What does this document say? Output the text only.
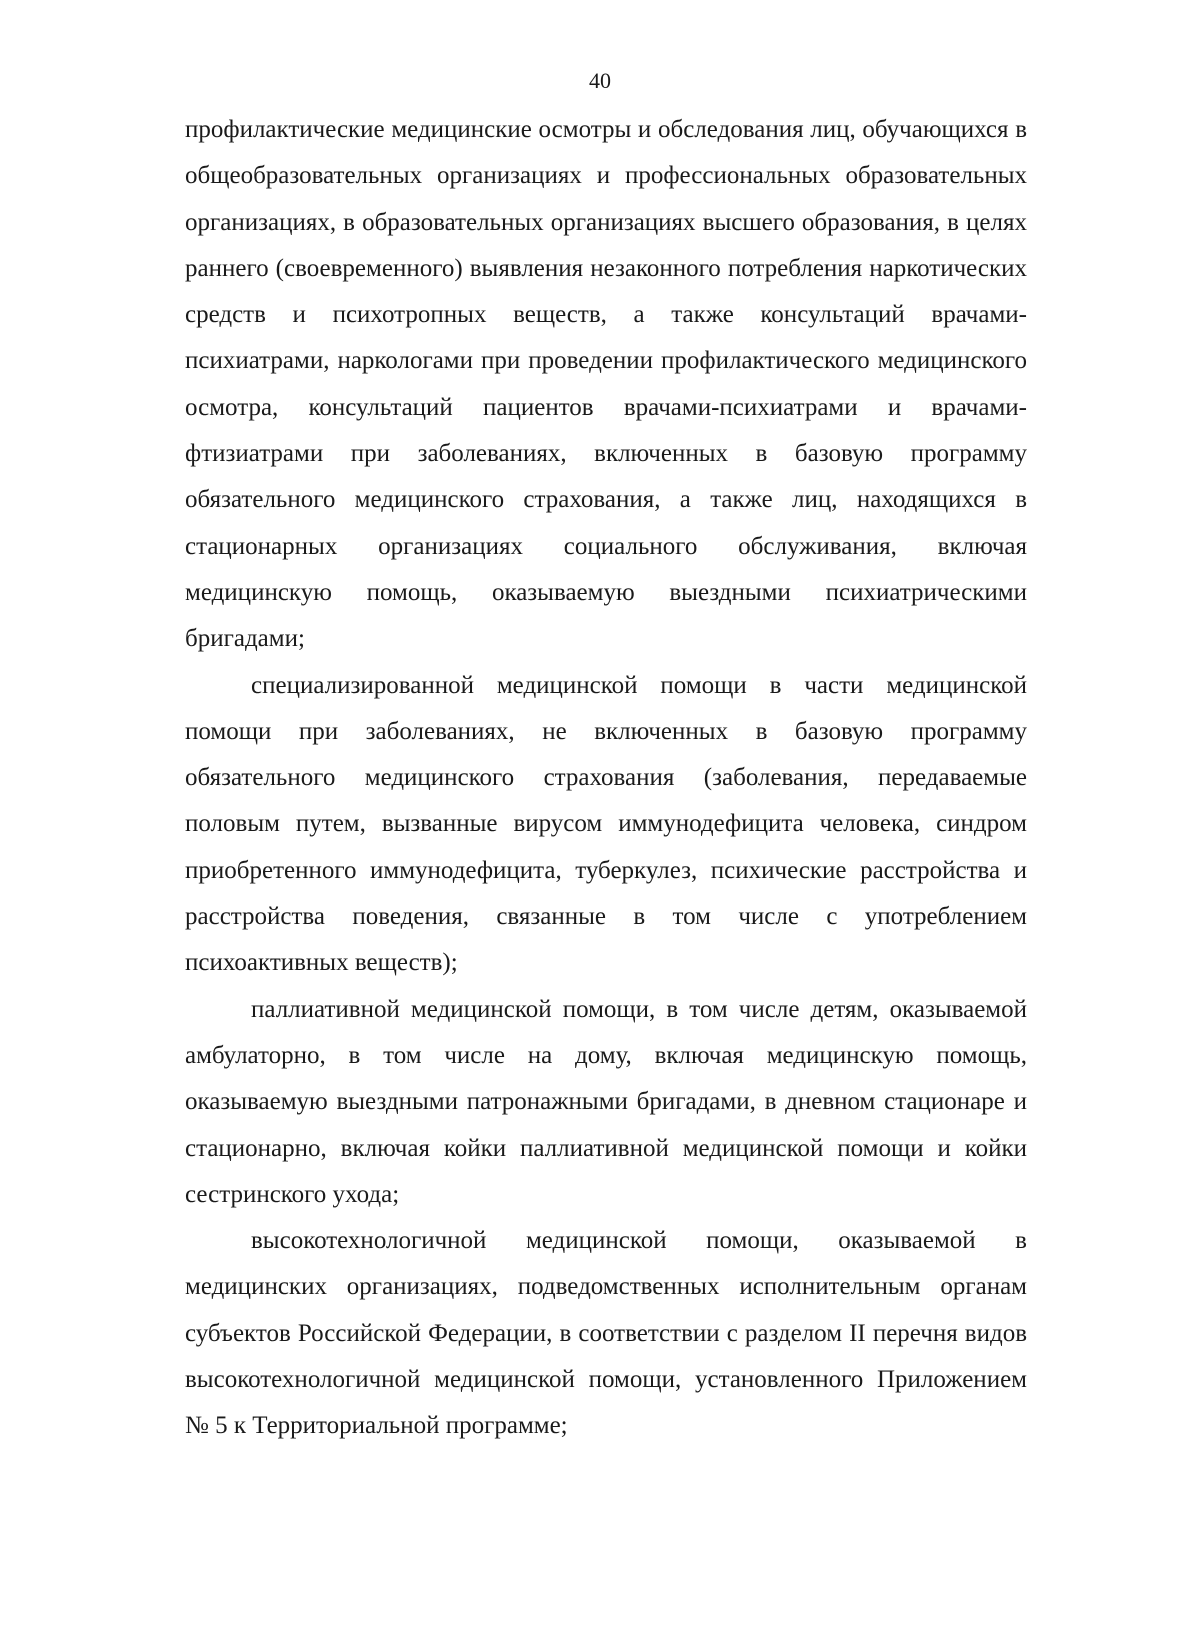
40

профилактические медицинские осмотры и обследования лиц, обучающихся в общеобразовательных организациях и профессиональных образовательных организациях, в образовательных организациях высшего образования, в целях раннего (своевременного) выявления незаконного потребления наркотических средств и психотропных веществ, а также консультаций врачами-психиатрами, наркологами при проведении профилактического медицинского осмотра, консультаций пациентов врачами-психиатрами и врачами-фтизиатрами при заболеваниях, включенных в базовую программу обязательного медицинского страхования, а также лиц, находящихся в стационарных организациях социального обслуживания, включая медицинскую помощь, оказываемую выездными психиатрическими бригадами;

специализированной медицинской помощи в части медицинской помощи при заболеваниях, не включенных в базовую программу обязательного медицинского страхования (заболевания, передаваемые половым путем, вызванные вирусом иммунодефицита человека, синдром приобретенного иммунодефицита, туберкулез, психические расстройства и расстройства поведения, связанные в том числе с употреблением психоактивных веществ);

паллиативной медицинской помощи, в том числе детям, оказываемой амбулаторно, в том числе на дому, включая медицинскую помощь, оказываемую выездными патронажными бригадами, в дневном стационаре и стационарно, включая койки паллиативной медицинской помощи и койки сестринского ухода;

высокотехнологичной медицинской помощи, оказываемой в медицинских организациях, подведомственных исполнительным органам субъектов Российской Федерации, в соответствии с разделом II перечня видов высокотехнологичной медицинской помощи, установленного Приложением № 5 к Территориальной программе;
